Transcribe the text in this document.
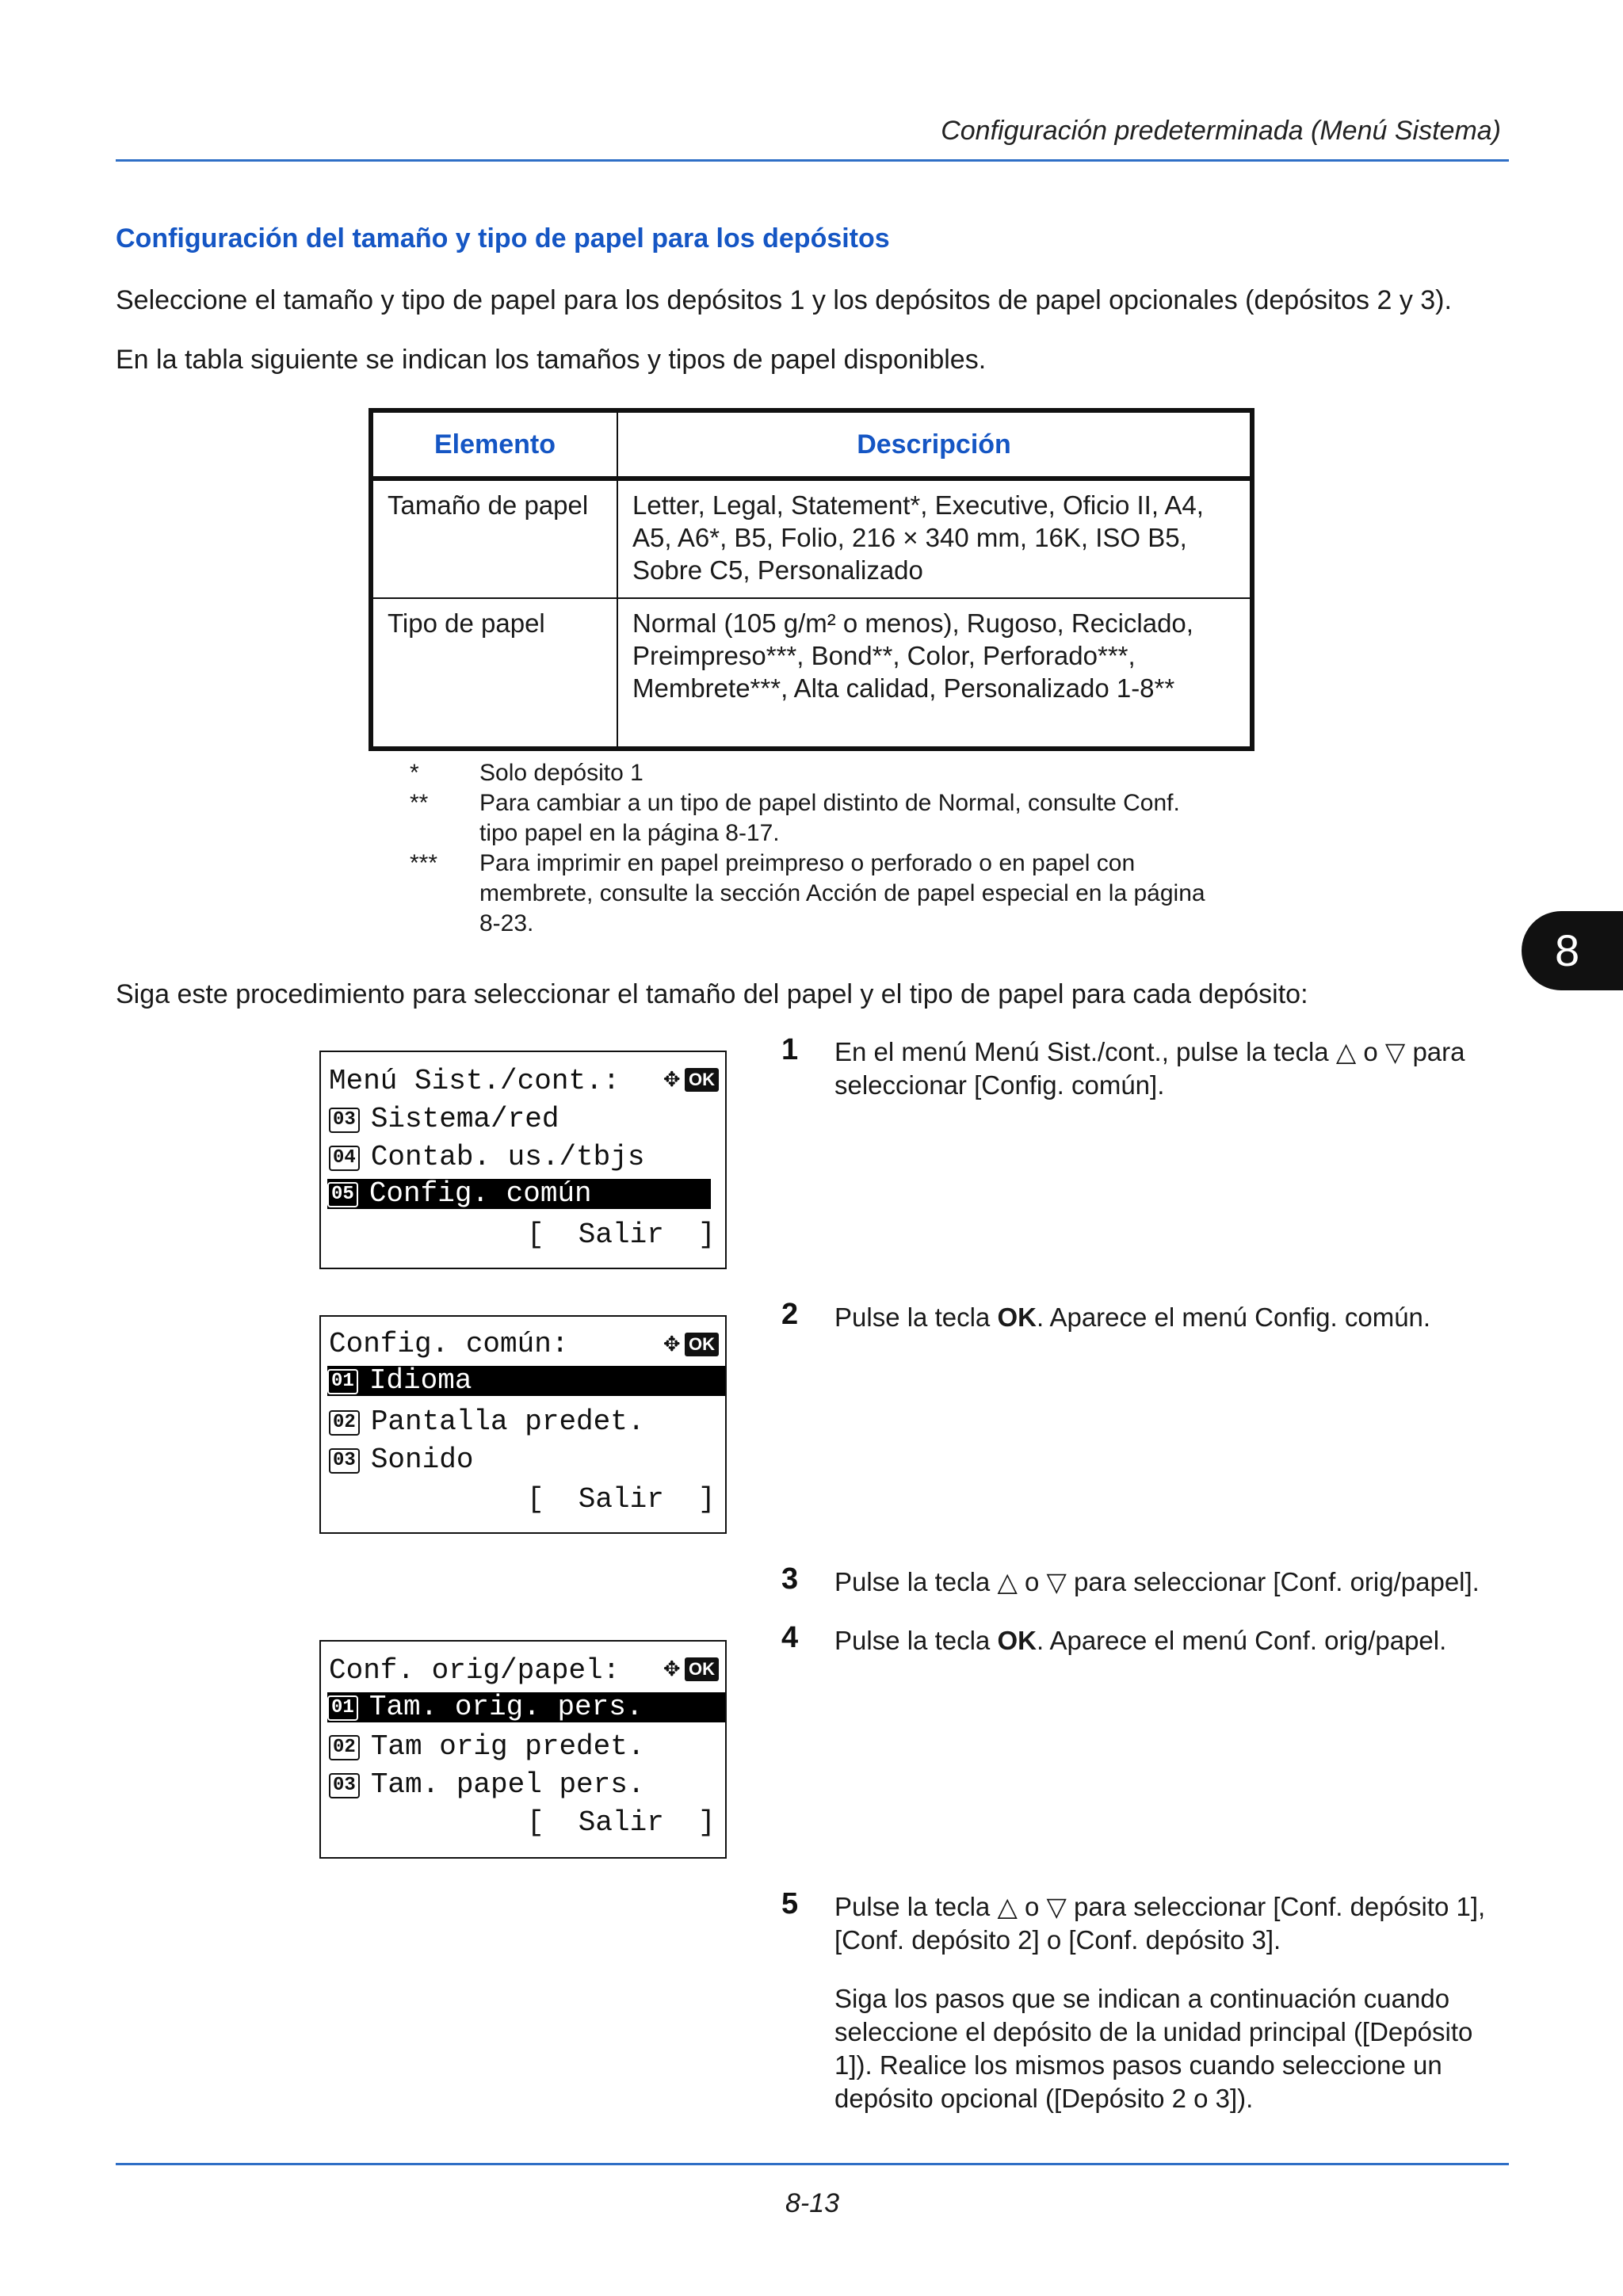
Configuración predeterminada (Menú Sistema)
Configuración del tamaño y tipo de papel para los depósitos
Seleccione el tamaño y tipo de papel para los depósitos 1 y los depósitos de papel opcionales (depósitos 2 y 3).
En la tabla siguiente se indican los tamaños y tipos de papel disponibles.
Elemento	Descripción
Tamaño de papel	Letter, Legal, Statement*, Executive, Oficio II, A4, A5, A6*, B5, Folio, 216 × 340 mm, 16K, ISO B5, Sobre C5, Personalizado
Tipo de papel	Normal (105 g/m² o menos), Rugoso, Reciclado, Preimpreso***, Bond**, Color, Perforado***, Membrete***, Alta calidad, Personalizado 1-8**
*	Solo depósito 1
**	Para cambiar a un tipo de papel distinto de Normal, consulte Conf. tipo papel en la página 8-17.
***	Para imprimir en papel preimpreso o perforado o en papel con membrete, consulte la sección Acción de papel especial en la página 8-23.
8
Siga este procedimiento para seleccionar el tamaño del papel y el tipo de papel para cada depósito:
Menú Sist./cont.:	✥ OK
03 Sistema/red
04 Contab. us./tbjs
05 Config. común
[  Salir  ]
Config. común:	✥ OK
01 Idioma
02 Pantalla predet.
03 Sonido
[  Salir  ]
Conf. orig/papel:	✥ OK
01 Tam. orig. pers.
02 Tam orig predet.
03 Tam. papel pers.
[  Salir  ]
1 En el menú Menú Sist./cont., pulse la tecla △ o ▽ para seleccionar [Config. común].
2 Pulse la tecla OK. Aparece el menú Config. común.
3 Pulse la tecla △ o ▽ para seleccionar [Conf. orig/papel].
4 Pulse la tecla OK. Aparece el menú Conf. orig/papel.
5 Pulse la tecla △ o ▽ para seleccionar [Conf. depósito 1], [Conf. depósito 2] o [Conf. depósito 3].
Siga los pasos que se indican a continuación cuando seleccione el depósito de la unidad principal ([Depósito 1]). Realice los mismos pasos cuando seleccione un depósito opcional ([Depósito 2 o 3]).
8-13
